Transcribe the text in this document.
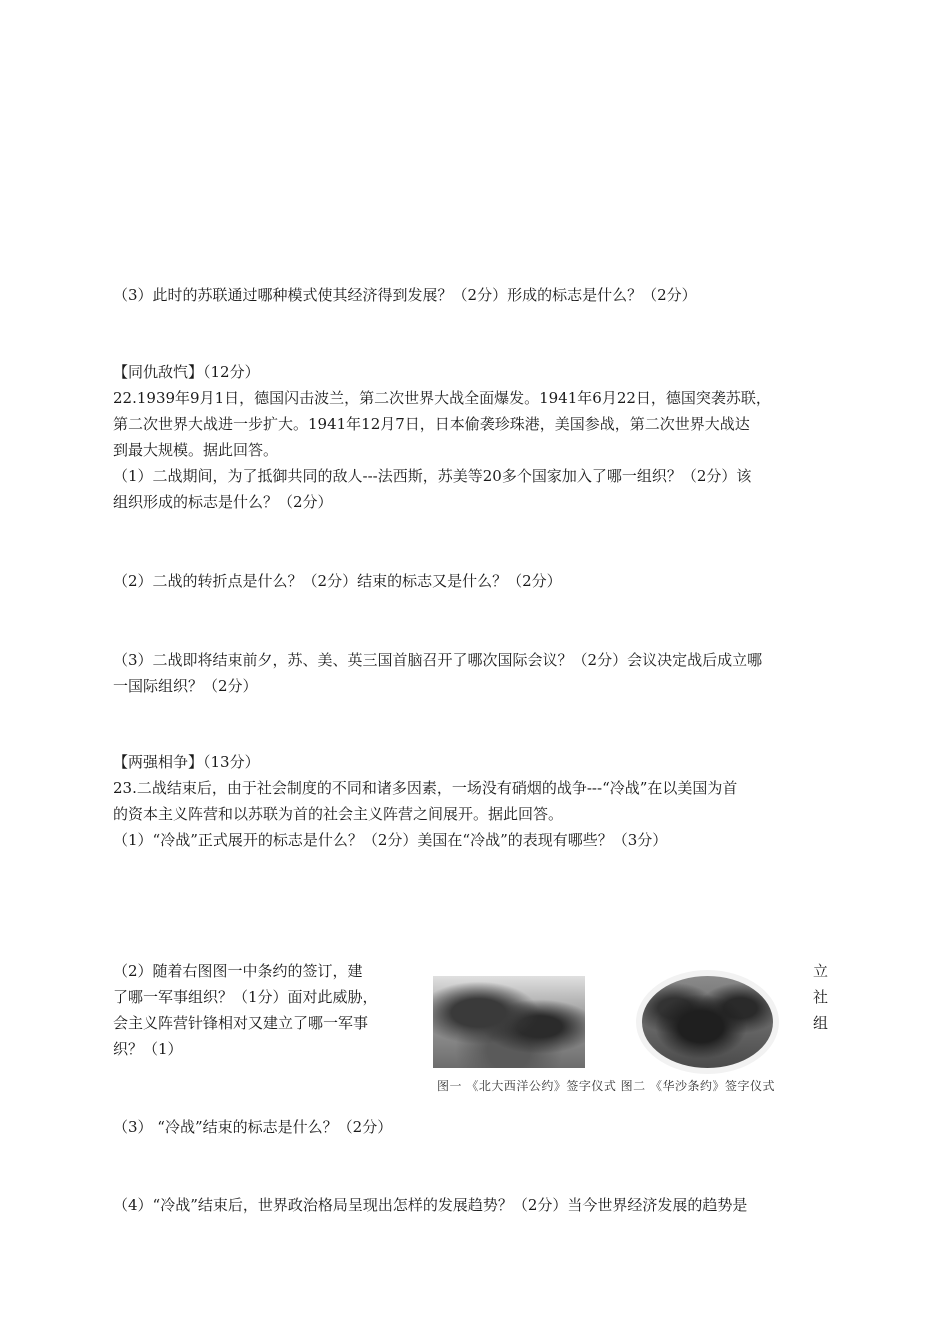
（3）此时的苏联通过哪种模式使其经济得到发展？（2分）形成的标志是什么？（2分）
【同仇敌忾】（12分）
22.1939年9月1日，德国闪击波兰，第二次世界大战全面爆发。1941年6月22日，德国突袭苏联，
第二次世界大战进一步扩大。1941年12月7日，日本偷袭珍珠港，美国参战，第二次世界大战达
到最大规模。据此回答。
（1）二战期间，为了抵御共同的敌人---法西斯，苏美等20多个国家加入了哪一组织？（2分）该
组织形成的标志是什么？（2分）
（2）二战的转折点是什么？（2分）结束的标志又是什么？（2分）
（3）二战即将结束前夕，苏、美、英三国首脑召开了哪次国际会议？（2分）会议决定战后成立哪
一国际组织？（2分）
【两强相争】（13分）
23.二战结束后，由于社会制度的不同和诸多因素，一场没有硝烟的战争---“冷战”在以美国为首
的资本主义阵营和以苏联为首的社会主义阵营之间展开。据此回答。
（1）“冷战”正式展开的标志是什么？（2分）美国在“冷战”的表现有哪些？（3分）
（2）随着右图图一中条约的签订，建
了哪一军事组织？（1分）面对此威胁，
会主义阵营针锋相对又建立了哪一军事
织？（1）
立
社
组
图一 《北大西洋公约》签字仪式 图二 《华沙条约》签字仪式
（3） “冷战”结束的标志是什么？（2分）
（4）“冷战”结束后，世界政治格局呈现出怎样的发展趋势？（2分）当今世界经济发展的趋势是
